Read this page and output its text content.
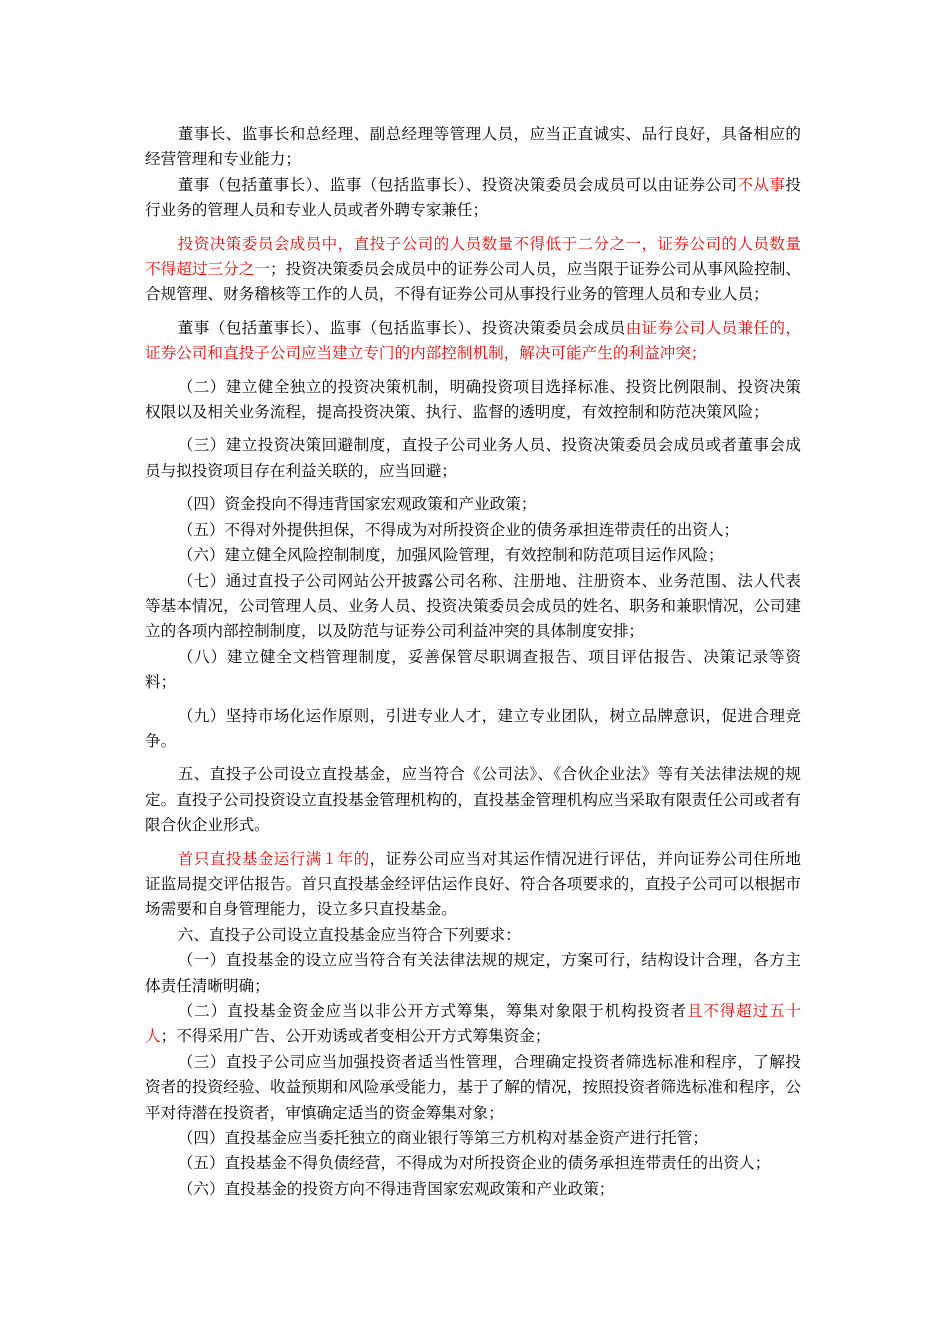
董事长、监事长和总经理、副总经理等管理人员，应当正直诚实、品行良好，具备相应的经营管理和专业能力；

董事（包括董事长）、监事（包括监事长）、投资决策委员会成员可以由证券公司不从事投行业务的管理人员和专业人员或者外聘专家兼任；

投资决策委员会成员中，直投子公司的人员数量不得低于二分之一，证券公司的人员数量不得超过三分之一；投资决策委员会成员中的证券公司人员，应当限于证券公司从事风险控制、合规管理、财务稽核等工作的人员，不得有证券公司从事投行业务的管理人员和专业人员；

董事（包括董事长）、监事（包括监事长）、投资决策委员会成员由证券公司人员兼任的，证券公司和直投子公司应当建立专门的内部控制机制，解决可能产生的利益冲突；

（二）建立健全独立的投资决策机制，明确投资项目选择标准、投资比例限制、投资决策权限以及相关业务流程，提高投资决策、执行、监督的透明度，有效控制和防范决策风险；

（三）建立投资决策回避制度，直投子公司业务人员、投资决策委员会成员或者董事会成员与拟投资项目存在利益关联的，应当回避；

（四）资金投向不得违背国家宏观政策和产业政策；

（五）不得对外提供担保，不得成为对所投资企业的债务承担连带责任的出资人；

（六）建立健全风险控制制度，加强风险管理，有效控制和防范项目运作风险；

（七）通过直投子公司网站公开披露公司名称、注册地、注册资本、业务范围、法人代表等基本情况，公司管理人员、业务人员、投资决策委员会成员的姓名、职务和兼职情况，公司建立的各项内部控制制度，以及防范与证券公司利益冲突的具体制度安排；

（八）建立健全文档管理制度，妥善保管尽职调查报告、项目评估报告、决策记录等资料；

（九）坚持市场化运作原则，引进专业人才，建立专业团队，树立品牌意识，促进合理竞争。

五、直投子公司设立直投基金，应当符合《公司法》、《合伙企业法》等有关法律法规的规定。直投子公司投资设立直投基金管理机构的，直投基金管理机构应当采取有限责任公司或者有限合伙企业形式。

首只直投基金运行满１年的，证券公司应当对其运作情况进行评估，并向证券公司住所地证监局提交评估报告。首只直投基金经评估运作良好、符合各项要求的，直投子公司可以根据市场需要和自身管理能力，设立多只直投基金。

六、直投子公司设立直投基金应当符合下列要求：

（一）直投基金的设立应当符合有关法律法规的规定，方案可行，结构设计合理，各方主体责任清晰明确；

（二）直投基金资金应当以非公开方式筹集，筹集对象限于机构投资者且不得超过五十人；不得采用广告、公开劝诱或者变相公开方式筹集资金；

（三）直投子公司应当加强投资者适当性管理，合理确定投资者筛选标准和程序，了解投资者的投资经验、收益预期和风险承受能力，基于了解的情况，按照投资者筛选标准和程序，公平对待潜在投资者，审慎确定适当的资金筹集对象；

（四）直投基金应当委托独立的商业银行等第三方机构对基金资产进行托管；

（五）直投基金不得负债经营，不得成为对所投资企业的债务承担连带责任的出资人；

（六）直投基金的投资方向不得违背国家宏观政策和产业政策；
